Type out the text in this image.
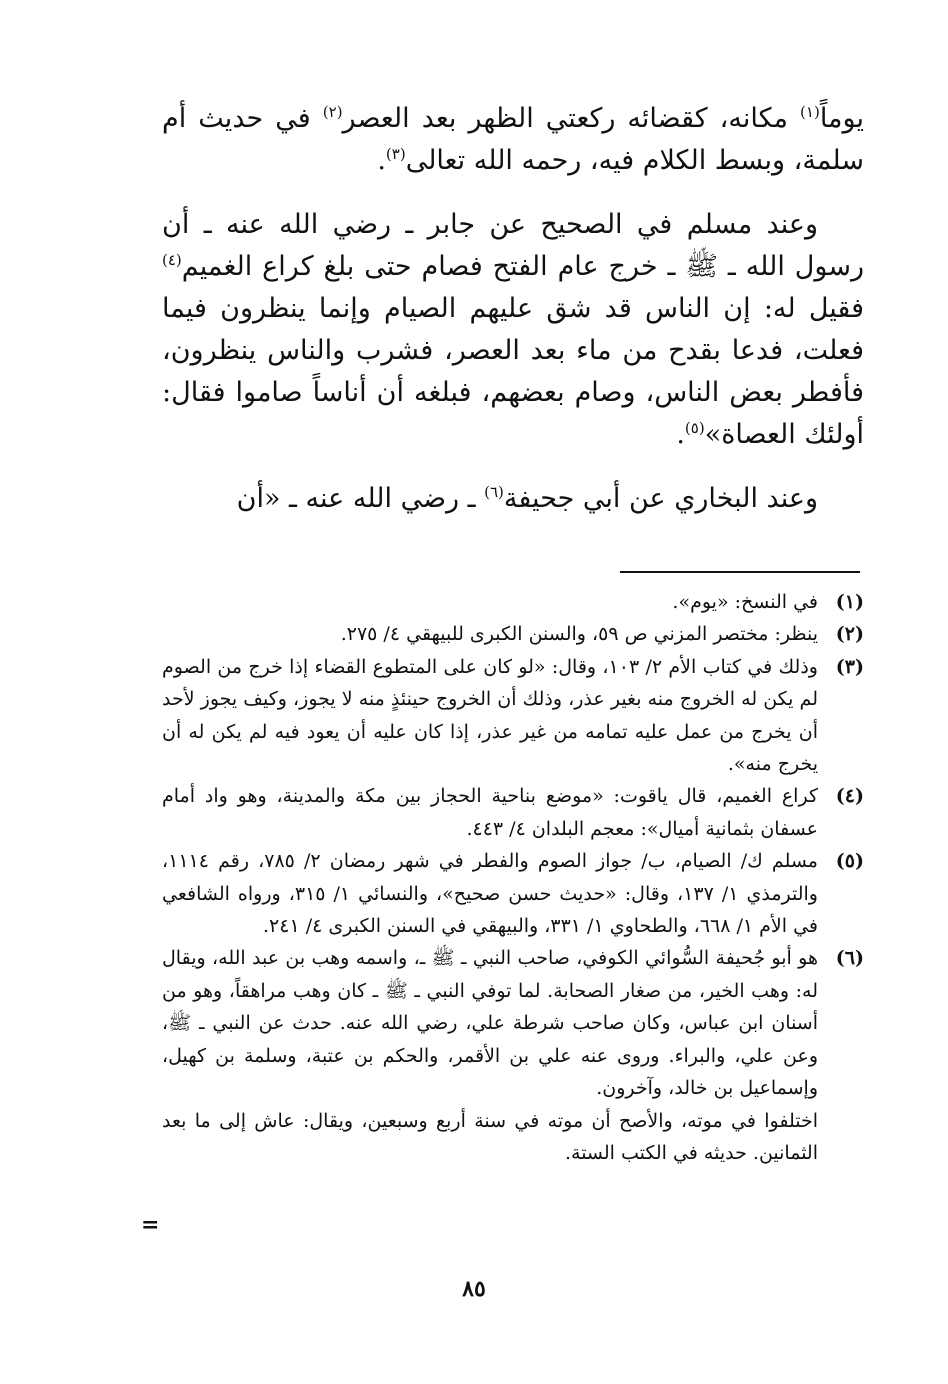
يوماً$^{(١)}$ مكانه، كقضائه ركعتي الظهر بعد العصر$^{(٢)}$ في حديث أم سلمة، وبسط الكلام فيه، رحمه الله تعالى$^{(٣)}$.

وعند مسلم في الصحيح عن جابر ـ رضي الله عنه ـ أن رسول الله ـ ﷺ ـ خرج عام الفتح فصام حتى بلغ كراع الغميم$^{(٤)}$ فقيل له: إن الناس قد شق عليهم الصيام وإنما ينظرون فيما فعلت، فدعا بقدح من ماء بعد العصر، فشرب والناس ينظرون، فأفطر بعض الناس، وصام بعضهم، فبلغه أن أناساً صاموا فقال: أولئك العصاة»$^{(٥)}$.

وعند البخاري عن أبي جحيفة$^{(٦)}$ ـ رضي الله عنه ـ «أن

(١)
في النسخ: «يوم».
(٢)
ينظر: مختصر المزني ص ٥٩، والسنن الكبرى للبيهقي ٤/ ٢٧٥.
(٣)
وذلك في كتاب الأم ٢/ ١٠٣، وقال: «لو كان على المتطوع القضاء إذا خرج من الصوم لم يكن له الخروج منه بغير عذر، وذلك أن الخروج حينئذٍ منه لا يجوز، وكيف يجوز لأحد أن يخرج من عمل عليه تمامه من غير عذر، إذا كان عليه أن يعود فيه لم يكن له أن يخرج منه».
(٤)
كراع الغميم، قال ياقوت: «موضع بناحية الحجاز بين مكة والمدينة، وهو واد أمام عسفان بثمانية أميال»: معجم البلدان ٤/ ٤٤٣.
(٥)
مسلم ك/ الصيام، ب/ جواز الصوم والفطر في شهر رمضان ٢/ ٧٨٥، رقم ١١١٤، والترمذي ١/ ١٣٧، وقال: «حديث حسن صحيح»، والنسائي ١/ ٣١٥، ورواه الشافعي في الأم ١/ ٦٦٨، والطحاوي ١/ ٣٣١، والبيهقي في السنن الكبرى ٤/ ٢٤١.
(٦)
هو أبو جُحيفة السُّوائي الكوفي، صاحب النبي ـ ﷺ ـ، واسمه وهب بن عبد الله، ويقال له: وهب الخير، من صغار الصحابة. لما توفي النبي ـ ﷺ ـ كان وهب مراهقاً، وهو من أسنان ابن عباس، وكان صاحب شرطة علي، رضي الله عنه. حدث عن النبي ـ ﷺ، وعن علي، والبراء. وروى عنه علي بن الأقمر، والحكم بن عتبة، وسلمة بن كهيل، وإسماعيل بن خالد، وآخرون.
اختلفوا في موته، والأصح أن موته في سنة أربع وسبعين، ويقال: عاش إلى ما بعد الثمانين. حديثه في الكتب الستة.
=
٨٥
